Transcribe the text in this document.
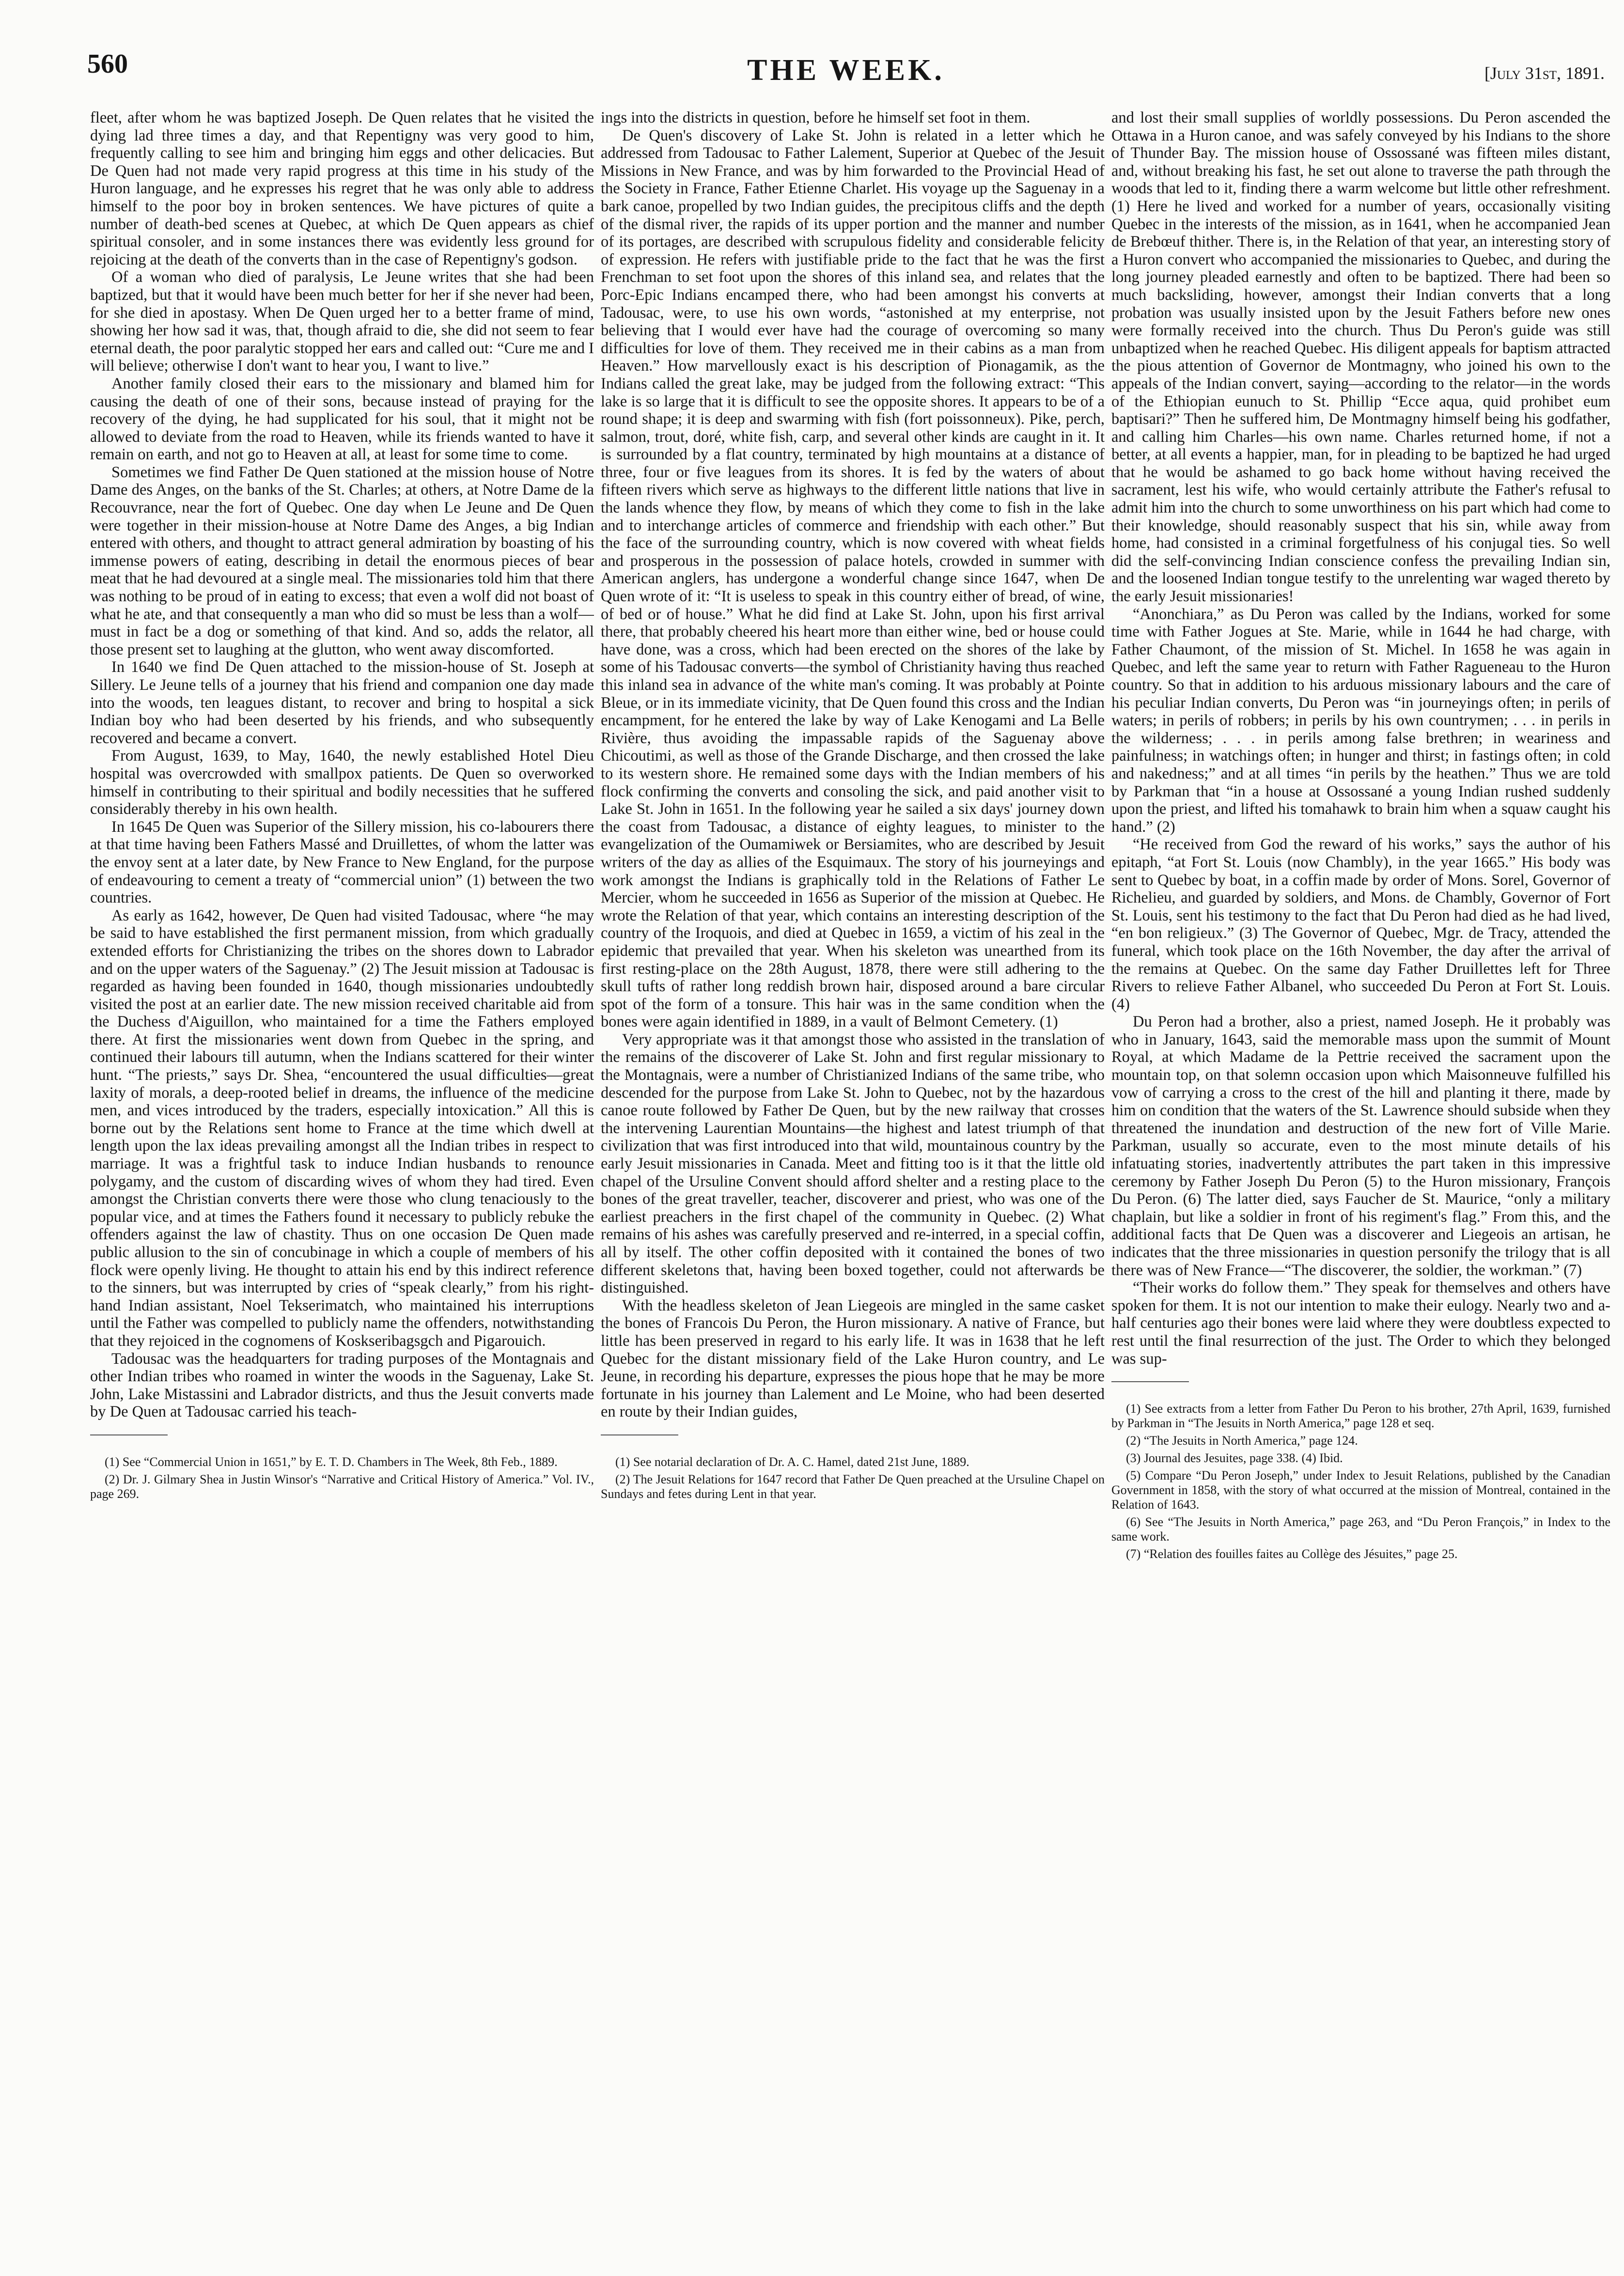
560	THE WEEK.	[July 31st, 1891.

fleet, after whom he was baptized Joseph. De Quen relates that he visited the dying lad three times a day, and that Repentigny was very good to him, frequently calling to see him and bringing him eggs and other delicacies. But De Quen had not made very rapid progress at this time in his study of the Huron language, and he expresses his regret that he was only able to address himself to the poor boy in broken sentences. We have pictures of quite a number of death-bed scenes at Quebec, at which De Quen appears as chief spiritual consoler, and in some instances there was evidently less ground for rejoicing at the death of the converts than in the case of Repentigny's godson.

Of a woman who died of paralysis, Le Jeune writes that she had been baptized, but that it would have been much better for her if she never had been, for she died in apostasy. When De Quen urged her to a better frame of mind, showing her how sad it was, that, though afraid to die, she did not seem to fear eternal death, the poor paralytic stopped her ears and called out: “Cure me and I will believe; otherwise I don't want to hear you, I want to live.”

Another family closed their ears to the missionary and blamed him for causing the death of one of their sons, because instead of praying for the recovery of the dying, he had supplicated for his soul, that it might not be allowed to deviate from the road to Heaven, while its friends wanted to have it remain on earth, and not go to Heaven at all, at least for some time to come.

Sometimes we find Father De Quen stationed at the mission house of Notre Dame des Anges, on the banks of the St. Charles; at others, at Notre Dame de la Recouvrance, near the fort of Quebec. One day when Le Jeune and De Quen were together in their mission-house at Notre Dame des Anges, a big Indian entered with others, and thought to attract general admiration by boasting of his immense powers of eating, describing in detail the enormous pieces of bear meat that he had devoured at a single meal. The missionaries told him that there was nothing to be proud of in eating to excess; that even a wolf did not boast of what he ate, and that consequently a man who did so must be less than a wolf—must in fact be a dog or something of that kind. And so, adds the relator, all those present set to laughing at the glutton, who went away discomforted.

In 1640 we find De Quen attached to the mission-house of St. Joseph at Sillery. Le Jeune tells of a journey that his friend and companion one day made into the woods, ten leagues distant, to recover and bring to hospital a sick Indian boy who had been deserted by his friends, and who subsequently recovered and became a convert.

From August, 1639, to May, 1640, the newly established Hotel Dieu hospital was overcrowded with smallpox patients. De Quen so overworked himself in contributing to their spiritual and bodily necessities that he suffered considerably thereby in his own health.

In 1645 De Quen was Superior of the Sillery mission, his co-labourers there at that time having been Fathers Massé and Druillettes, of whom the latter was the envoy sent at a later date, by New France to New England, for the purpose of endeavouring to cement a treaty of “commercial union” (1) between the two countries.

As early as 1642, however, De Quen had visited Tadousac, where “he may be said to have established the first permanent mission, from which gradually extended efforts for Christianizing the tribes on the shores down to Labrador and on the upper waters of the Saguenay.” (2) The Jesuit mission at Tadousac is regarded as having been founded in 1640, though missionaries undoubtedly visited the post at an earlier date. The new mission received charitable aid from the Duchess d'Aiguillon, who maintained for a time the Fathers employed there. At first the missionaries went down from Quebec in the spring, and continued their labours till autumn, when the Indians scattered for their winter hunt. “The priests,” says Dr. Shea, “encountered the usual difficulties—great laxity of morals, a deep-rooted belief in dreams, the influence of the medicine men, and vices introduced by the traders, especially intoxication.” All this is borne out by the Relations sent home to France at the time which dwell at length upon the lax ideas prevailing amongst all the Indian tribes in respect to marriage. It was a frightful task to induce Indian husbands to renounce polygamy, and the custom of discarding wives of whom they had tired. Even amongst the Christian converts there were those who clung tenaciously to the popular vice, and at times the Fathers found it necessary to publicly rebuke the offenders against the law of chastity. Thus on one occasion De Quen made public allusion to the sin of concubinage in which a couple of members of his flock were openly living. He thought to attain his end by this indirect reference to the sinners, but was interrupted by cries of “speak clearly,” from his right-hand Indian assistant, Noel Tekserimatch, who maintained his interruptions until the Father was compelled to publicly name the offenders, notwithstanding that they rejoiced in the cognomens of Koskseribagsgch and Pigarouich.

Tadousac was the headquarters for trading purposes of the Montagnais and other Indian tribes who roamed in winter the woods in the Saguenay, Lake St. John, Lake Mistassini and Labrador districts, and thus the Jesuit converts made by De Quen at Tadousac carried his teach-

(1) See “Commercial Union in 1651,” by E. T. D. Chambers in The Week, 8th Feb., 1889.

(2) Dr. J. Gilmary Shea in Justin Winsor's “Narrative and Critical History of America.” Vol. IV., page 269.

ings into the districts in question, before he himself set foot in them.

De Quen's discovery of Lake St. John is related in a letter which he addressed from Tadousac to Father Lalement, Superior at Quebec of the Jesuit Missions in New France, and was by him forwarded to the Provincial Head of the Society in France, Father Etienne Charlet. His voyage up the Saguenay in a bark canoe, propelled by two Indian guides, the precipitous cliffs and the depth of the dismal river, the rapids of its upper portion and the manner and number of its portages, are described with scrupulous fidelity and considerable felicity of expression. He refers with justifiable pride to the fact that he was the first Frenchman to set foot upon the shores of this inland sea, and relates that the Porc-Epic Indians encamped there, who had been amongst his converts at Tadousac, were, to use his own words, “astonished at my enterprise, not believing that I would ever have had the courage of overcoming so many difficulties for love of them. They received me in their cabins as a man from Heaven.” How marvellously exact is his description of Pionagamik, as the Indians called the great lake, may be judged from the following extract: “This lake is so large that it is difficult to see the opposite shores. It appears to be of a round shape; it is deep and swarming with fish (fort poissonneux). Pike, perch, salmon, trout, doré, white fish, carp, and several other kinds are caught in it. It is surrounded by a flat country, terminated by high mountains at a distance of three, four or five leagues from its shores. It is fed by the waters of about fifteen rivers which serve as highways to the different little nations that live in the lands whence they flow, by means of which they come to fish in the lake and to interchange articles of commerce and friendship with each other.” But the face of the surrounding country, which is now covered with wheat fields and prosperous in the possession of palace hotels, crowded in summer with American anglers, has undergone a wonderful change since 1647, when De Quen wrote of it: “It is useless to speak in this country either of bread, of wine, of bed or of house.” What he did find at Lake St. John, upon his first arrival there, that probably cheered his heart more than either wine, bed or house could have done, was a cross, which had been erected on the shores of the lake by some of his Tadousac converts—the symbol of Christianity having thus reached this inland sea in advance of the white man's coming. It was probably at Pointe Bleue, or in its immediate vicinity, that De Quen found this cross and the Indian encampment, for he entered the lake by way of Lake Kenogami and La Belle Rivière, thus avoiding the impassable rapids of the Saguenay above Chicoutimi, as well as those of the Grande Discharge, and then crossed the lake to its western shore. He remained some days with the Indian members of his flock confirming the converts and consoling the sick, and paid another visit to Lake St. John in 1651. In the following year he sailed a six days' journey down the coast from Tadousac, a distance of eighty leagues, to minister to the evangelization of the Oumamiwek or Bersiamites, who are described by Jesuit writers of the day as allies of the Esquimaux. The story of his journeyings and work amongst the Indians is graphically told in the Relations of Father Le Mercier, whom he succeeded in 1656 as Superior of the mission at Quebec. He wrote the Relation of that year, which contains an interesting description of the country of the Iroquois, and died at Quebec in 1659, a victim of his zeal in the epidemic that prevailed that year. When his skeleton was unearthed from its first resting-place on the 28th August, 1878, there were still adhering to the skull tufts of rather long reddish brown hair, disposed around a bare circular spot of the form of a tonsure. This hair was in the same condition when the bones were again identified in 1889, in a vault of Belmont Cemetery. (1)

Very appropriate was it that amongst those who assisted in the translation of the remains of the discoverer of Lake St. John and first regular missionary to the Montagnais, were a number of Christianized Indians of the same tribe, who descended for the purpose from Lake St. John to Quebec, not by the hazardous canoe route followed by Father De Quen, but by the new railway that crosses the intervening Laurentian Mountains—the highest and latest triumph of that civilization that was first introduced into that wild, mountainous country by the early Jesuit missionaries in Canada. Meet and fitting too is it that the little old chapel of the Ursuline Convent should afford shelter and a resting place to the bones of the great traveller, teacher, discoverer and priest, who was one of the earliest preachers in the first chapel of the community in Quebec. (2) What remains of his ashes was carefully preserved and re-interred, in a special coffin, all by itself. The other coffin deposited with it contained the bones of two different skeletons that, having been boxed together, could not afterwards be distinguished.

With the headless skeleton of Jean Liegeois are mingled in the same casket the bones of Francois Du Peron, the Huron missionary. A native of France, but little has been preserved in regard to his early life. It was in 1638 that he left Quebec for the distant missionary field of the Lake Huron country, and Le Jeune, in recording his departure, expresses the pious hope that he may be more fortunate in his journey than Lalement and Le Moine, who had been deserted en route by their Indian guides,

(1) See notarial declaration of Dr. A. C. Hamel, dated 21st June, 1889.

(2) The Jesuit Relations for 1647 record that Father De Quen preached at the Ursuline Chapel on Sundays and fetes during Lent in that year.

and lost their small supplies of worldly possessions. Du Peron ascended the Ottawa in a Huron canoe, and was safely conveyed by his Indians to the shore of Thunder Bay. The mission house of Ossossané was fifteen miles distant, and, without breaking his fast, he set out alone to traverse the path through the woods that led to it, finding there a warm welcome but little other refreshment. (1) Here he lived and worked for a number of years, occasionally visiting Quebec in the interests of the mission, as in 1641, when he accompanied Jean de Brebœuf thither. There is, in the Relation of that year, an interesting story of a Huron convert who accompanied the missionaries to Quebec, and during the long journey pleaded earnestly and often to be baptized. There had been so much backsliding, however, amongst their Indian converts that a long probation was usually insisted upon by the Jesuit Fathers before new ones were formally received into the church. Thus Du Peron's guide was still unbaptized when he reached Quebec. His diligent appeals for baptism attracted the pious attention of Governor de Montmagny, who joined his own to the appeals of the Indian convert, saying—according to the relator—in the words of the Ethiopian eunuch to St. Phillip “Ecce aqua, quid prohibet eum baptisari?” Then he suffered him, De Montmagny himself being his godfather, and calling him Charles—his own name. Charles returned home, if not a better, at all events a happier, man, for in pleading to be baptized he had urged that he would be ashamed to go back home without having received the sacrament, lest his wife, who would certainly attribute the Father's refusal to admit him into the church to some unworthiness on his part which had come to their knowledge, should reasonably suspect that his sin, while away from home, had consisted in a criminal forgetfulness of his conjugal ties. So well did the self-convincing Indian conscience confess the prevailing Indian sin, and the loosened Indian tongue testify to the unrelenting war waged thereto by the early Jesuit missionaries!

“Anonchiara,” as Du Peron was called by the Indians, worked for some time with Father Jogues at Ste. Marie, while in 1644 he had charge, with Father Chaumont, of the mission of St. Michel. In 1658 he was again in Quebec, and left the same year to return with Father Ragueneau to the Huron country. So that in addition to his arduous missionary labours and the care of his peculiar Indian converts, Du Peron was “in journeyings often; in perils of waters; in perils of robbers; in perils by his own countrymen; . . . in perils in the wilderness; . . . in perils among false brethren; in weariness and painfulness; in watchings often; in hunger and thirst; in fastings often; in cold and nakedness;” and at all times “in perils by the heathen.” Thus we are told by Parkman that “in a house at Ossossané a young Indian rushed suddenly upon the priest, and lifted his tomahawk to brain him when a squaw caught his hand.” (2)

“He received from God the reward of his works,” says the author of his epitaph, “at Fort St. Louis (now Chambly), in the year 1665.” His body was sent to Quebec by boat, in a coffin made by order of Mons. Sorel, Governor of Richelieu, and guarded by soldiers, and Mons. de Chambly, Governor of Fort St. Louis, sent his testimony to the fact that Du Peron had died as he had lived, “en bon religieux.” (3) The Governor of Quebec, Mgr. de Tracy, attended the funeral, which took place on the 16th November, the day after the arrival of the remains at Quebec. On the same day Father Druillettes left for Three Rivers to relieve Father Albanel, who succeeded Du Peron at Fort St. Louis. (4)

Du Peron had a brother, also a priest, named Joseph. He it probably was who in January, 1643, said the memorable mass upon the summit of Mount Royal, at which Madame de la Pettrie received the sacrament upon the mountain top, on that solemn occasion upon which Maisonneuve fulfilled his vow of carrying a cross to the crest of the hill and planting it there, made by him on condition that the waters of the St. Lawrence should subside when they threatened the inundation and destruction of the new fort of Ville Marie. Parkman, usually so accurate, even to the most minute details of his infatuating stories, inadvertently attributes the part taken in this impressive ceremony by Father Joseph Du Peron (5) to the Huron missionary, François Du Peron. (6) The latter died, says Faucher de St. Maurice, “only a military chaplain, but like a soldier in front of his regiment's flag.” From this, and the additional facts that De Quen was a discoverer and Liegeois an artisan, he indicates that the three missionaries in question personify the trilogy that is all there was of New France—“The discoverer, the soldier, the workman.” (7)

“Their works do follow them.” They speak for themselves and others have spoken for them. It is not our intention to make their eulogy. Nearly two and a-half centuries ago their bones were laid where they were doubtless expected to rest until the final resurrection of the just. The Order to which they belonged was sup-

(1) See extracts from a letter from Father Du Peron to his brother, 27th April, 1639, furnished by Parkman in “The Jesuits in North America,” page 128 et seq.

(2) “The Jesuits in North America,” page 124.

(3) Journal des Jesuites, page 338. (4) Ibid.

(5) Compare “Du Peron Joseph,” under Index to Jesuit Relations, published by the Canadian Government in 1858, with the story of what occurred at the mission of Montreal, contained in the Relation of 1643.

(6) See “The Jesuits in North America,” page 263, and “Du Peron François,” in Index to the same work.

(7) “Relation des fouilles faites au Collège des Jésuites,” page 25.
